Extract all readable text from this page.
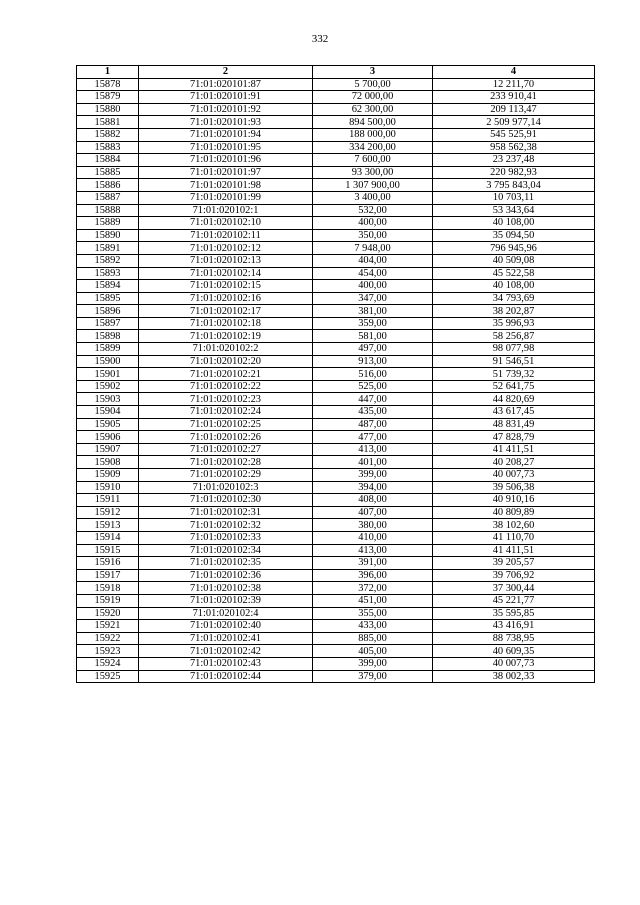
332
1	2	3	4
15878	71:01:020101:87	5 700,00	12 211,70
15879	71:01:020101:91	72 000,00	233 910,41
15880	71:01:020101:92	62 300,00	209 113,47
15881	71:01:020101:93	894 500,00	2 509 977,14
15882	71:01:020101:94	188 000,00	545 525,91
15883	71:01:020101:95	334 200,00	958 562,38
15884	71:01:020101:96	7 600,00	23 237,48
15885	71:01:020101:97	93 300,00	220 982,93
15886	71:01:020101:98	1 307 900,00	3 795 843,04
15887	71:01:020101:99	3 400,00	10 703,11
15888	71:01:020102:1	532,00	53 343,64
15889	71:01:020102:10	400,00	40 108,00
15890	71:01:020102:11	350,00	35 094,50
15891	71:01:020102:12	7 948,00	796 945,96
15892	71:01:020102:13	404,00	40 509,08
15893	71:01:020102:14	454,00	45 522,58
15894	71:01:020102:15	400,00	40 108,00
15895	71:01:020102:16	347,00	34 793,69
15896	71:01:020102:17	381,00	38 202,87
15897	71:01:020102:18	359,00	35 996,93
15898	71:01:020102:19	581,00	58 256,87
15899	71:01:020102:2	497,00	98 077,98
15900	71:01:020102:20	913,00	91 546,51
15901	71:01:020102:21	516,00	51 739,32
15902	71:01:020102:22	525,00	52 641,75
15903	71:01:020102:23	447,00	44 820,69
15904	71:01:020102:24	435,00	43 617,45
15905	71:01:020102:25	487,00	48 831,49
15906	71:01:020102:26	477,00	47 828,79
15907	71:01:020102:27	413,00	41 411,51
15908	71:01:020102:28	401,00	40 208,27
15909	71:01:020102:29	399,00	40 007,73
15910	71:01:020102:3	394,00	39 506,38
15911	71:01:020102:30	408,00	40 910,16
15912	71:01:020102:31	407,00	40 809,89
15913	71:01:020102:32	380,00	38 102,60
15914	71:01:020102:33	410,00	41 110,70
15915	71:01:020102:34	413,00	41 411,51
15916	71:01:020102:35	391,00	39 205,57
15917	71:01:020102:36	396,00	39 706,92
15918	71:01:020102:38	372,00	37 300,44
15919	71:01:020102:39	451,00	45 221,77
15920	71:01:020102:4	355,00	35 595,85
15921	71:01:020102:40	433,00	43 416,91
15922	71:01:020102:41	885,00	88 738,95
15923	71:01:020102:42	405,00	40 609,35
15924	71:01:020102:43	399,00	40 007,73
15925	71:01:020102:44	379,00	38 002,33
